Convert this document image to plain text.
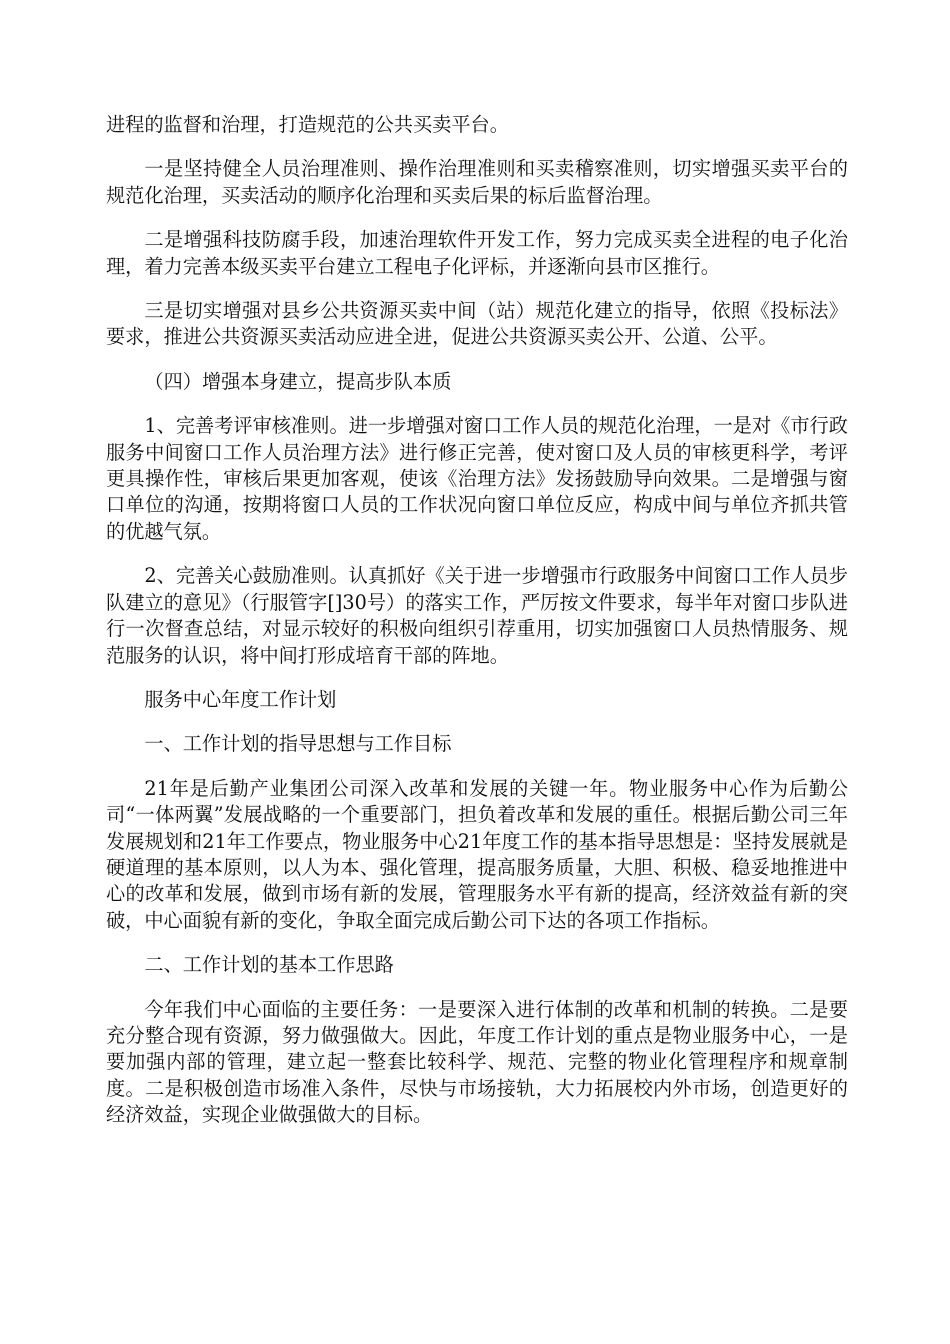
进程的监督和治理，打造规范的公共买卖平台。

一是坚持健全人员治理准则、操作治理准则和买卖稽察准则，切实增强买卖平台的规范化治理，买卖活动的顺序化治理和买卖后果的标后监督治理。

二是增强科技防腐手段，加速治理软件开发工作，努力完成买卖全进程的电子化治理，着力完善本级买卖平台建立工程电子化评标，并逐渐向县市区推行。

三是切实增强对县乡公共资源买卖中间（站）规范化建立的指导，依照《投标法》要求，推进公共资源买卖活动应进全进，促进公共资源买卖公开、公道、公平。

（四）增强本身建立，提高步队本质

1、完善考评审核准则。进一步增强对窗口工作人员的规范化治理，一是对《市行政服务中间窗口工作人员治理方法》进行修正完善，使对窗口及人员的审核更科学，考评更具操作性，审核后果更加客观，使该《治理方法》发扬鼓励导向效果。二是增强与窗口单位的沟通，按期将窗口人员的工作状况向窗口单位反应，构成中间与单位齐抓共管的优越气氛。

2、完善关心鼓励准则。认真抓好《关于进一步增强市行政服务中间窗口工作人员步队建立的意见》（行服管字[]30号）的落实工作，严厉按文件要求，每半年对窗口步队进行一次督查总结，对显示较好的积极向组织引荐重用，切实加强窗口人员热情服务、规范服务的认识，将中间打形成培育干部的阵地。

服务中心年度工作计划

一、工作计划的指导思想与工作目标

21年是后勤产业集团公司深入改革和发展的关键一年。物业服务中心作为后勤公司“一体两翼”发展战略的一个重要部门，担负着改革和发展的重任。根据后勤公司三年发展规划和21年工作要点，物业服务中心21年度工作的基本指导思想是：坚持发展就是硬道理的基本原则，以人为本、强化管理，提高服务质量，大胆、积极、稳妥地推进中心的改革和发展，做到市场有新的发展，管理服务水平有新的提高，经济效益有新的突破，中心面貌有新的变化，争取全面完成后勤公司下达的各项工作指标。

二、工作计划的基本工作思路

今年我们中心面临的主要任务：一是要深入进行体制的改革和机制的转换。二是要充分整合现有资源，努力做强做大。因此，年度工作计划的重点是物业服务中心，一是要加强内部的管理，建立起一整套比较科学、规范、完整的物业化管理程序和规章制度。二是积极创造市场准入条件，尽快与市场接轨，大力拓展校内外市场，创造更好的经济效益，实现企业做强做大的目标。
